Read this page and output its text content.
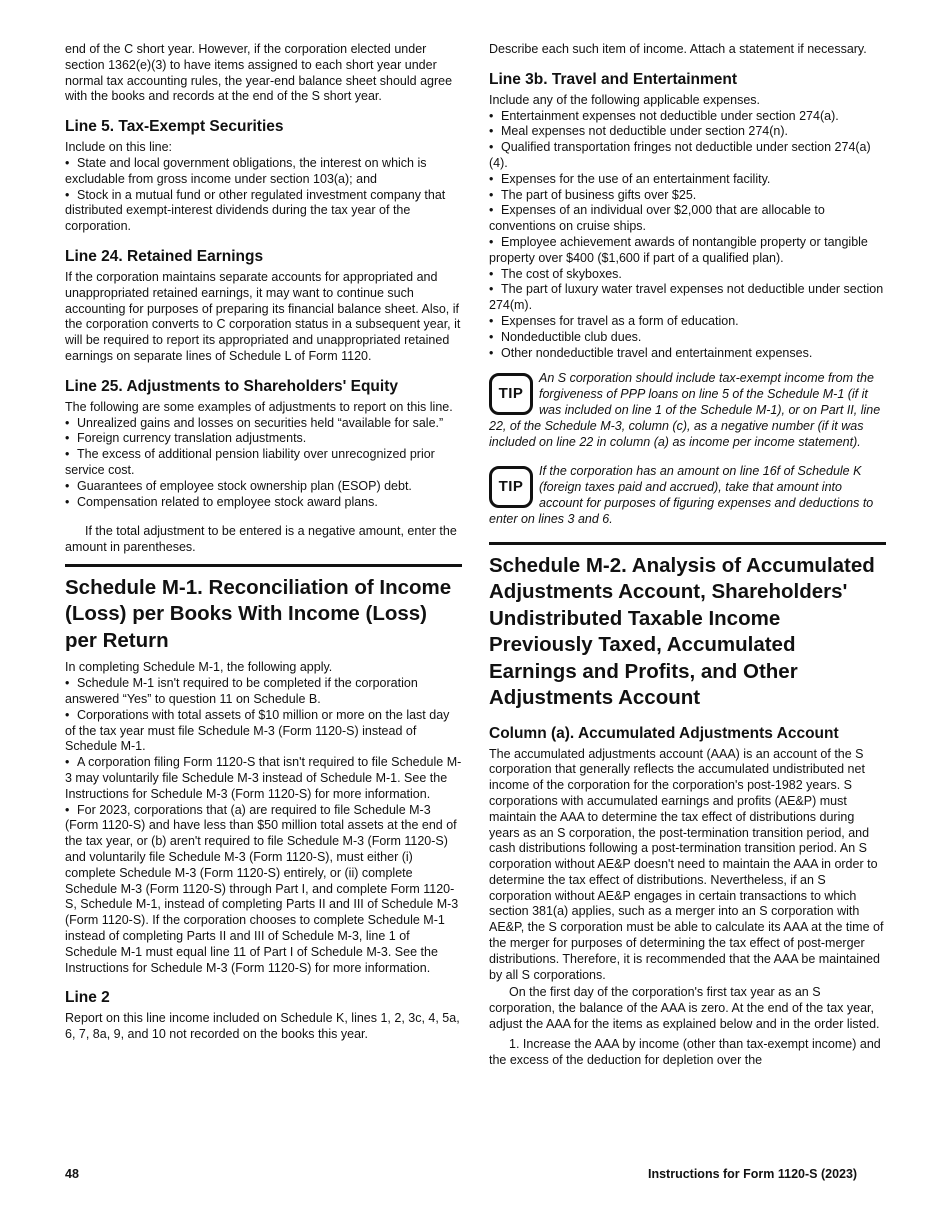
end of the C short year. However, if the corporation elected under section 1362(e)(3) to have items assigned to each short year under normal tax accounting rules, the year-end balance sheet should agree with the books and records at the end of the S short year.

Line 5. Tax-Exempt Securities

Include on this line:

• State and local government obligations, the interest on which is excludable from gross income under section 103(a); and

• Stock in a mutual fund or other regulated investment company that distributed exempt-interest dividends during the tax year of the corporation.

Line 24. Retained Earnings

If the corporation maintains separate accounts for appropriated and unappropriated retained earnings, it may want to continue such accounting for purposes of preparing its financial balance sheet. Also, if the corporation converts to C corporation status in a subsequent year, it will be required to report its appropriated and unappropriated retained earnings on separate lines of Schedule L of Form 1120.

Line 25. Adjustments to Shareholders' Equity

The following are some examples of adjustments to report on this line.

• Unrealized gains and losses on securities held “available for sale.”

• Foreign currency translation adjustments.

• The excess of additional pension liability over unrecognized prior service cost.

• Guarantees of employee stock ownership plan (ESOP) debt.

• Compensation related to employee stock award plans.

If the total adjustment to be entered is a negative amount, enter the amount in parentheses.

Schedule M-1. Reconciliation of Income (Loss) per Books With Income (Loss) per Return

In completing Schedule M-1, the following apply.

• Schedule M-1 isn't required to be completed if the corporation answered “Yes” to question 11 on Schedule B.

• Corporations with total assets of $10 million or more on the last day of the tax year must file Schedule M-3 (Form 1120-S) instead of Schedule M-1.

• A corporation filing Form 1120-S that isn't required to file Schedule M-3 may voluntarily file Schedule M-3 instead of Schedule M-1. See the Instructions for Schedule M-3 (Form 1120-S) for more information.

• For 2023, corporations that (a) are required to file Schedule M-3 (Form 1120-S) and have less than $50 million total assets at the end of the tax year, or (b) aren't required to file Schedule M-3 (Form 1120-S) and voluntarily file Schedule M-3 (Form 1120-S), must either (i) complete Schedule M-3 (Form 1120-S) entirely, or (ii) complete Schedule M-3 (Form 1120-S) through Part I, and complete Form 1120-S, Schedule M-1, instead of completing Parts II and III of Schedule M-3 (Form 1120-S). If the corporation chooses to complete Schedule M-1 instead of completing Parts II and III of Schedule M-3, line 1 of Schedule M-1 must equal line 11 of Part I of Schedule M-3. See the Instructions for Schedule M-3 (Form 1120-S) for more information.

Line 2

Report on this line income included on Schedule K, lines 1, 2, 3c, 4, 5a, 6, 7, 8a, 9, and 10 not recorded on the books this year.

Describe each such item of income. Attach a statement if necessary.

Line 3b. Travel and Entertainment

Include any of the following applicable expenses.

• Entertainment expenses not deductible under section 274(a).

• Meal expenses not deductible under section 274(n).

• Qualified transportation fringes not deductible under section 274(a)(4).

• Expenses for the use of an entertainment facility.

• The part of business gifts over $25.

• Expenses of an individual over $2,000 that are allocable to conventions on cruise ships.

• Employee achievement awards of nontangible property or tangible property over $400 ($1,600 if part of a qualified plan).

• The cost of skyboxes.

• The part of luxury water travel expenses not deductible under section 274(m).

• Expenses for travel as a form of education.

• Nondeductible club dues.

• Other nondeductible travel and entertainment expenses.

TIP

An S corporation should include tax-exempt income from the forgiveness of PPP loans on line 5 of the Schedule M-1 (if it was included on line 1 of the Schedule M-1), or on Part II, line 22, of the Schedule M-3, column (c), as a negative number (if it was included on line 22 in column (a) as income per income statement).

TIP

If the corporation has an amount on line 16f of Schedule K (foreign taxes paid and accrued), take that amount into account for purposes of figuring expenses and deductions to enter on lines 3 and 6.

Schedule M-2. Analysis of Accumulated Adjustments Account, Shareholders' Undistributed Taxable Income Previously Taxed, Accumulated Earnings and Profits, and Other Adjustments Account
Column (a). Accumulated Adjustments Account

The accumulated adjustments account (AAA) is an account of the S corporation that generally reflects the accumulated undistributed net income of the corporation for the corporation's post-1982 years. S corporations with accumulated earnings and profits (AE&P) must maintain the AAA to determine the tax effect of distributions during years as an S corporation, the post-termination transition period, and cash distributions following a post-termination transition period. An S corporation without AE&P doesn't need to maintain the AAA in order to determine the tax effect of distributions. Nevertheless, if an S corporation without AE&P engages in certain transactions to which section 381(a) applies, such as a merger into an S corporation with AE&P, the S corporation must be able to calculate its AAA at the time of the merger for purposes of determining the tax effect of post-merger distributions. Therefore, it is recommended that the AAA be maintained by all S corporations.

On the first day of the corporation's first tax year as an S corporation, the balance of the AAA is zero. At the end of the tax year, adjust the AAA for the items as explained below and in the order listed.

1. Increase the AAA by income (other than tax-exempt income) and the excess of the deduction for depletion over the

48	Instructions for Form 1120-S (2023)
